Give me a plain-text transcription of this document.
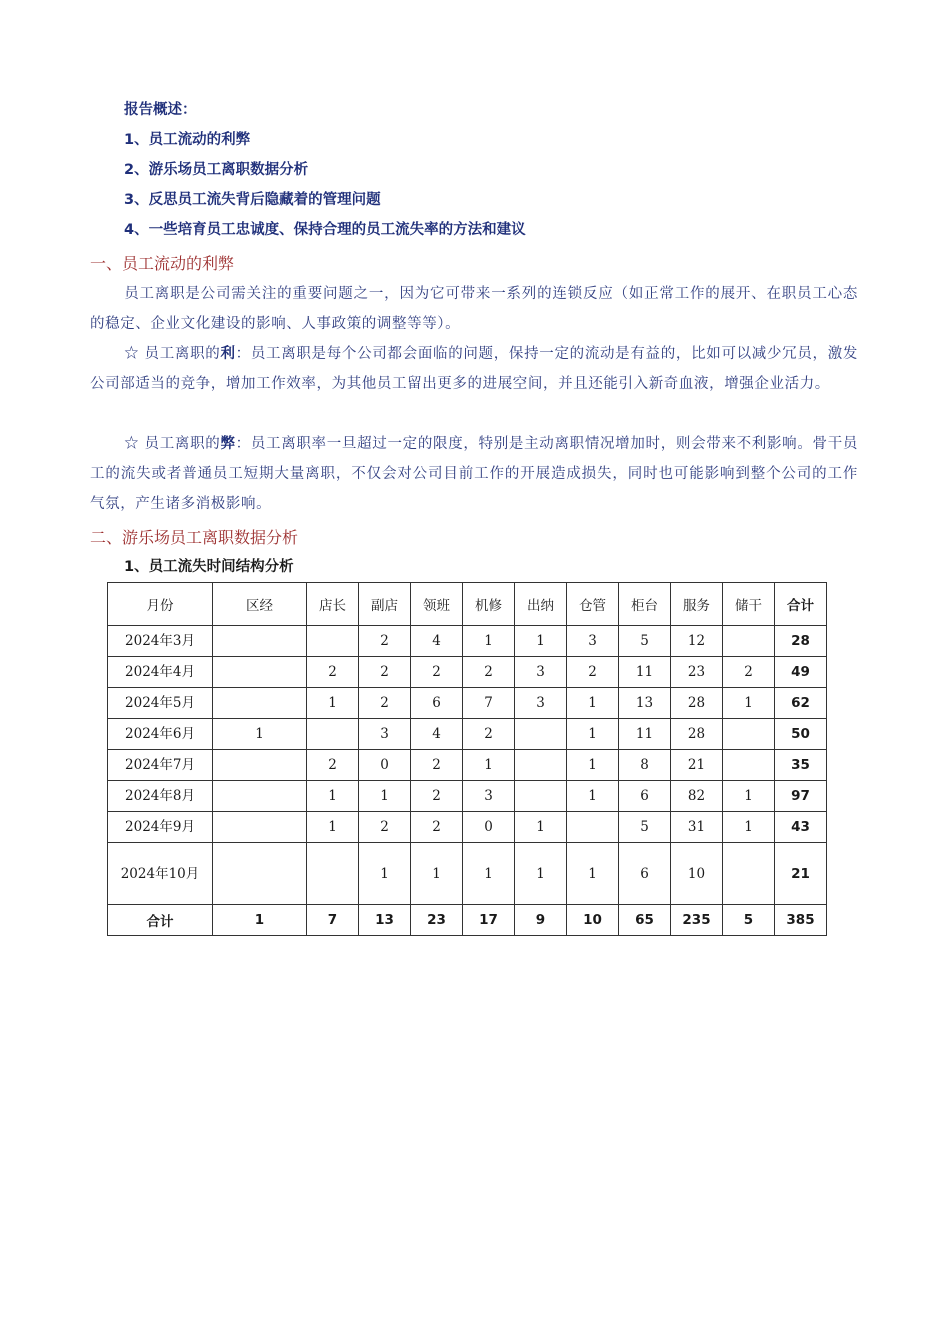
报告概述：
1、员工流动的利弊
2、游乐场员工离职数据分析
3、反思员工流失背后隐藏着的管理问题
4、一些培育员工忠诚度、保持合理的员工流失率的方法和建议
一、员工流动的利弊
员工离职是公司需关注的重要问题之一，因为它可带来一系列的连锁反应（如正常工作的展开、在职员工心态的稳定、企业文化建设的影响、人事政策的调整等等）。
☆ 员工离职的利：员工离职是每个公司都会面临的问题，保持一定的流动是有益的，比如可以减少冗员，激发公司部适当的竞争，增加工作效率，为其他员工留出更多的进展空间，并且还能引入新奇血液，增强企业活力。
☆ 员工离职的弊：员工离职率一旦超过一定的限度，特别是主动离职情况增加时，则会带来不利影响。骨干员工的流失或者普通员工短期大量离职，不仅会对公司目前工作的开展造成损失，同时也可能影响到整个公司的工作气氛，产生诸多消极影响。
二、游乐场员工离职数据分析
1、员工流失时间结构分析
月份	区经	店长	副店	领班	机修	出纳	仓管	柜台	服务	储干	合计
2024年3月			2	4	1	1	3	5	12		28
2024年4月		2	2	2	2	3	2	11	23	2	49
2024年5月		1	2	6	7	3	1	13	28	1	62
2024年6月	1		3	4	2		1	11	28		50
2024年7月		2	0	2	1		1	8	21		35
2024年8月		1	1	2	3		1	6	82	1	97
2024年9月		1	2	2	0	1		5	31	1	43
2024年10月			1	1	1	1	1	6	10		21
合计	1	7	13	23	17	9	10	65	235	5	385
